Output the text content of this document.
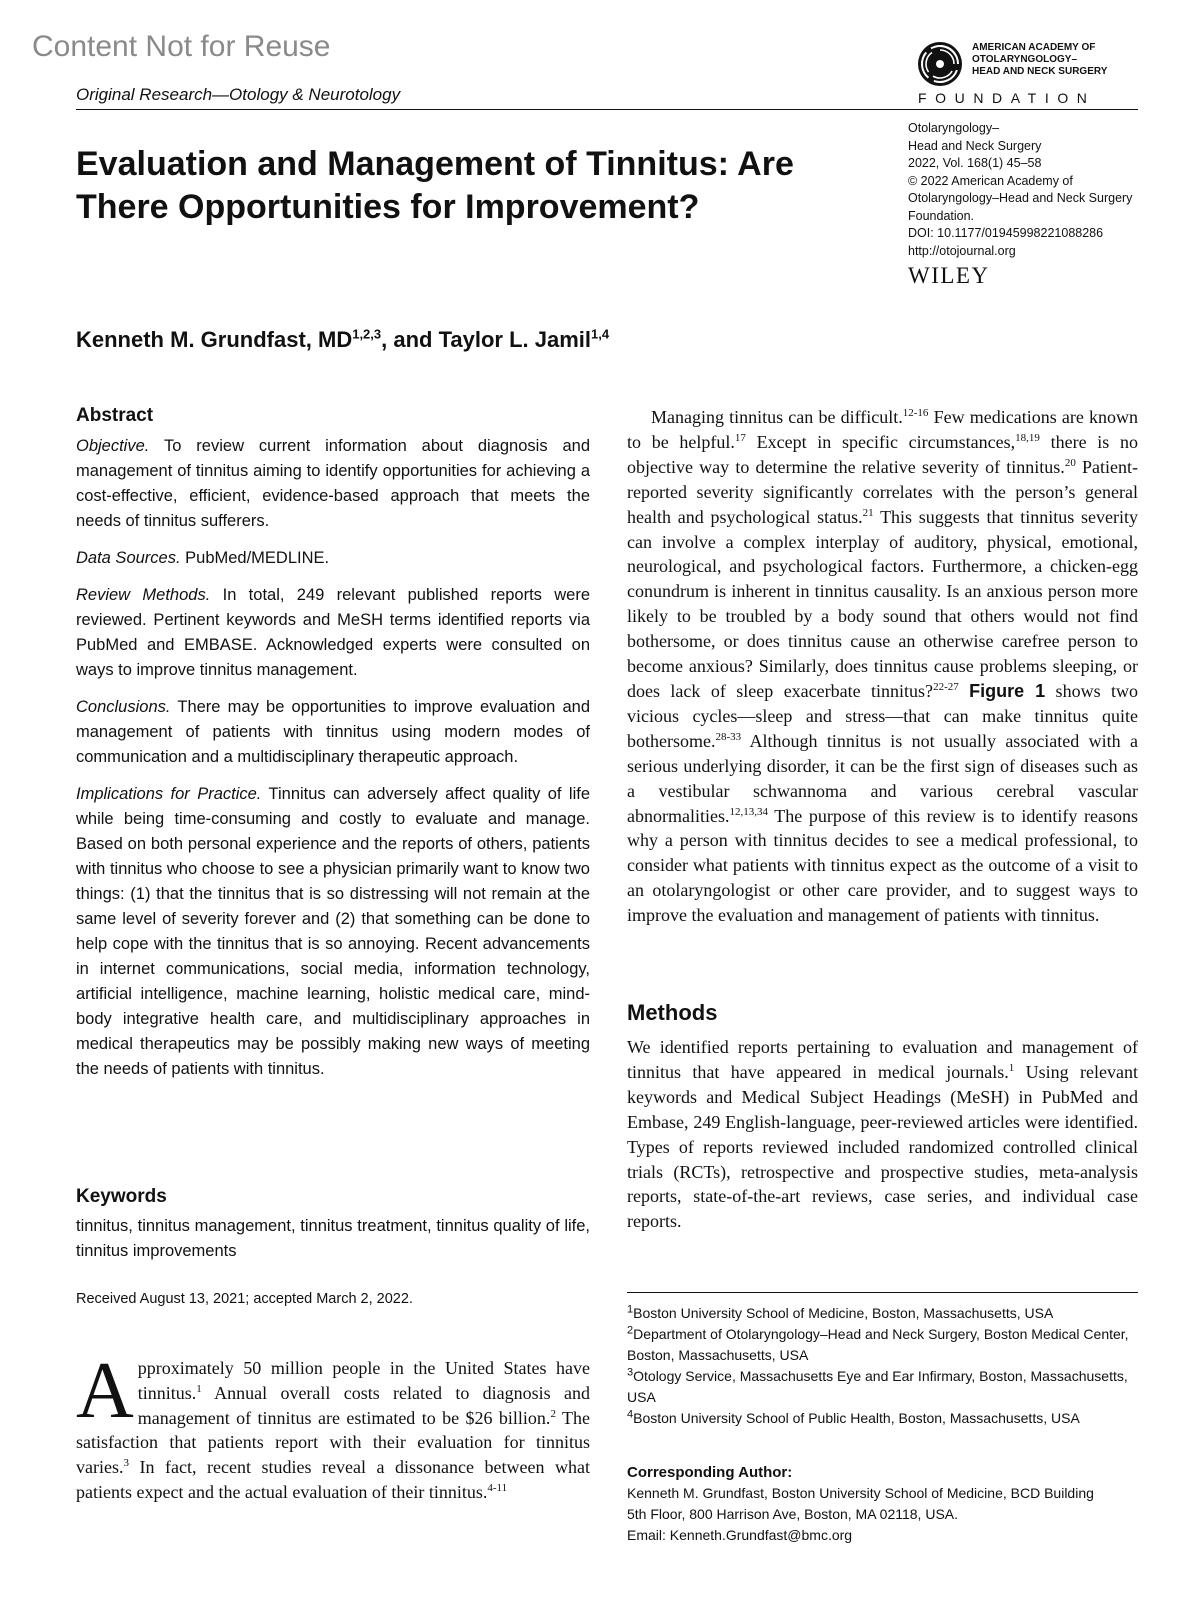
Content Not for Reuse
Original Research—Otology & Neurotology
AMERICAN ACADEMY OF
OTOLARYNGOLOGY–
HEAD AND NECK SURGERY
FOUNDATION
Otolaryngology–
Head and Neck Surgery
2022, Vol. 168(1) 45–58
© 2022 American Academy of Otolaryngology–Head and Neck Surgery Foundation.
DOI: 10.1177/01945998221088286
http://otojournal.org
WILEY
Evaluation and Management of Tinnitus: Are There Opportunities for Improvement?
Kenneth M. Grundfast, MD$^{1,2,3}$, and Taylor L. Jamil$^{1,4}$
Abstract

Objective. To review current information about diagnosis and management of tinnitus aiming to identify opportunities for achieving a cost-effective, efficient, evidence-based approach that meets the needs of tinnitus sufferers.

Data Sources. PubMed/MEDLINE.

Review Methods. In total, 249 relevant published reports were reviewed. Pertinent keywords and MeSH terms identified reports via PubMed and EMBASE. Acknowledged experts were consulted on ways to improve tinnitus management.

Conclusions. There may be opportunities to improve evaluation and management of patients with tinnitus using modern modes of communication and a multidisciplinary therapeutic approach.

Implications for Practice. Tinnitus can adversely affect quality of life while being time-consuming and costly to evaluate and manage. Based on both personal experience and the reports of others, patients with tinnitus who choose to see a physician primarily want to know two things: (1) that the tinnitus that is so distressing will not remain at the same level of severity forever and (2) that something can be done to help cope with the tinnitus that is so annoying. Recent advancements in internet communications, social media, information technology, artificial intelligence, machine learning, holistic medical care, mind-body integrative health care, and multidisciplinary approaches in medical therapeutics may be possibly making new ways of meeting the needs of patients with tinnitus.

Keywords
tinnitus, tinnitus management, tinnitus treatment, tinnitus quality of life, tinnitus improvements
Received August 13, 2021; accepted March 2, 2022.
Approximately 50 million people in the United States have tinnitus.$^1$ Annual overall costs related to diagnosis and management of tinnitus are estimated to be $26 billion.$^2$ The satisfaction that patients report with their evaluation for tinnitus varies.$^3$ In fact, recent studies reveal a dissonance between what patients expect and the actual evaluation of their tinnitus.$^{4-11}$

Managing tinnitus can be difficult.$^{12-16}$ Few medications are known to be helpful.$^{17}$ Except in specific circumstances,$^{18,19}$ there is no objective way to determine the relative severity of tinnitus.$^{20}$ Patient-reported severity significantly correlates with the person’s general health and psychological status.$^{21}$ This suggests that tinnitus severity can involve a complex interplay of auditory, physical, emotional, neurological, and psychological factors. Furthermore, a chicken-egg conundrum is inherent in tinnitus causality. Is an anxious person more likely to be troubled by a body sound that others would not find bothersome, or does tinnitus cause an otherwise carefree person to become anxious? Similarly, does tinnitus cause problems sleeping, or does lack of sleep exacerbate tinnitus?$^{22-27}$ Figure 1 shows two vicious cycles—sleep and stress—that can make tinnitus quite bothersome.$^{28-33}$ Although tinnitus is not usually associated with a serious underlying disorder, it can be the first sign of diseases such as a vestibular schwannoma and various cerebral vascular abnormalities.$^{12,13,34}$ The purpose of this review is to identify reasons why a person with tinnitus decides to see a medical professional, to consider what patients with tinnitus expect as the outcome of a visit to an otolaryngologist or other care provider, and to suggest ways to improve the evaluation and management of patients with tinnitus.

Methods

We identified reports pertaining to evaluation and management of tinnitus that have appeared in medical journals.$^1$ Using relevant keywords and Medical Subject Headings (MeSH) in PubMed and Embase, 249 English-language, peer-reviewed articles were identified. Types of reports reviewed included randomized controlled clinical trials (RCTs), retrospective and prospective studies, meta-analysis reports, state-of-the-art reviews, case series, and individual case reports.

$^1$Boston University School of Medicine, Boston, Massachusetts, USA
$^2$Department of Otolaryngology–Head and Neck Surgery, Boston Medical Center, Boston, Massachusetts, USA
$^3$Otology Service, Massachusetts Eye and Ear Infirmary, Boston, Massachusetts, USA
$^4$Boston University School of Public Health, Boston, Massachusetts, USA
Corresponding Author:
Kenneth M. Grundfast, Boston University School of Medicine, BCD Building
5th Floor, 800 Harrison Ave, Boston, MA 02118, USA.
Email: Kenneth.Grundfast@bmc.org
